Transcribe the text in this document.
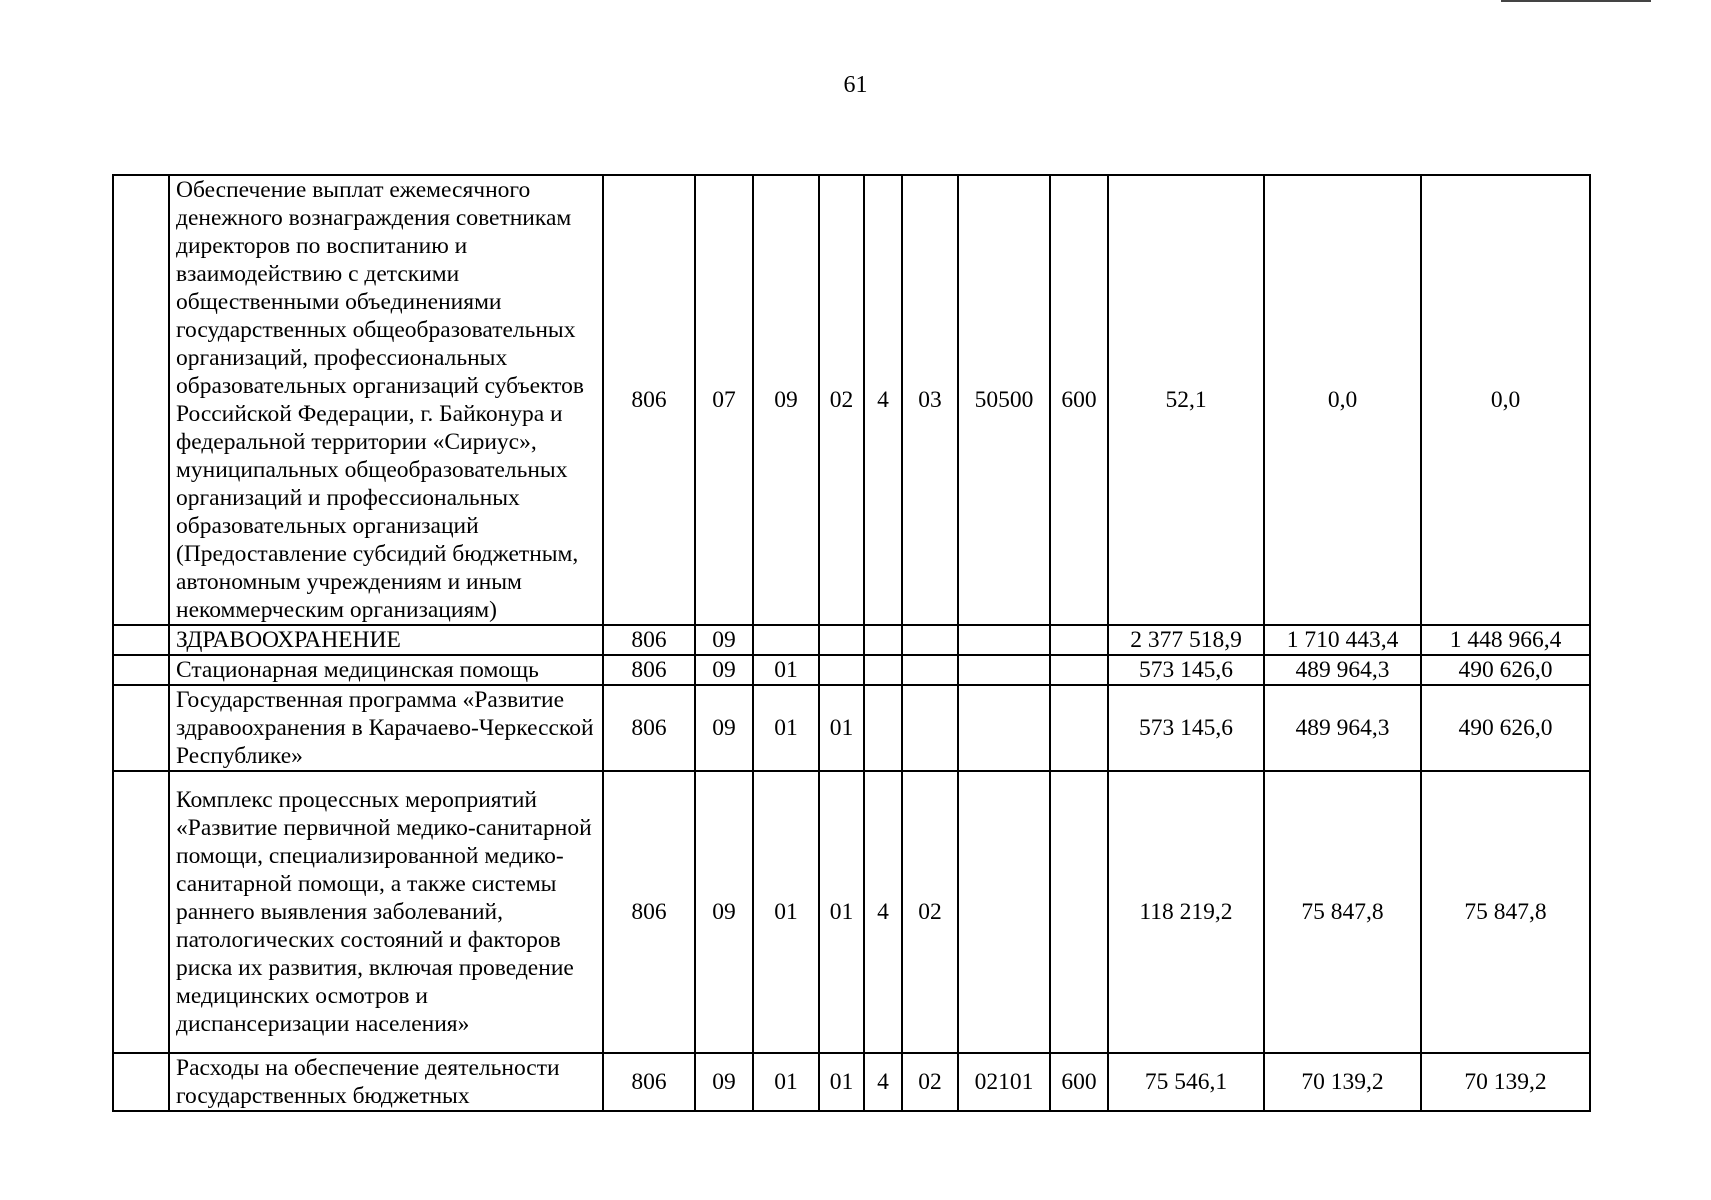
61
	Обеспечение выплат ежемесячного денежного вознаграждения советникам директоров по воспитанию и взаимодействию с детскими общественными объединениями государственных общеобразовательных организаций, профессиональных образовательных организаций субъектов Российской Федерации, г. Байконура и федеральной территории «Сириус», муниципальных общеобразовательных организаций и профессиональных образовательных организаций (Предоставление субсидий бюджетным, автономным учреждениям и иным некоммерческим организациям)	806	07	09	02	4	03	50500	600	52,1	0,0	0,0
	ЗДРАВООХРАНЕНИЕ	806	09							2 377 518,9	1 710 443,4	1 448 966,4
	Стационарная медицинская помощь	806	09	01						573 145,6	489 964,3	490 626,0
	Государственная программа «Развитие здравоохранения в Карачаево-Черкесской Республике»	806	09	01	01					573 145,6	489 964,3	490 626,0
	Комплекс процессных мероприятий «Развитие первичной медико-санитарной помощи, специализированной медико-санитарной помощи, а также системы раннего выявления заболеваний, патологических состояний и факторов риска их развития, включая проведение медицинских осмотров и диспансеризации населения»	806	09	01	01	4	02			118 219,2	75 847,8	75 847,8
	Расходы на обеспечение деятельности государственных бюджетных	806	09	01	01	4	02	02101	600	75 546,1	70 139,2	70 139,2
